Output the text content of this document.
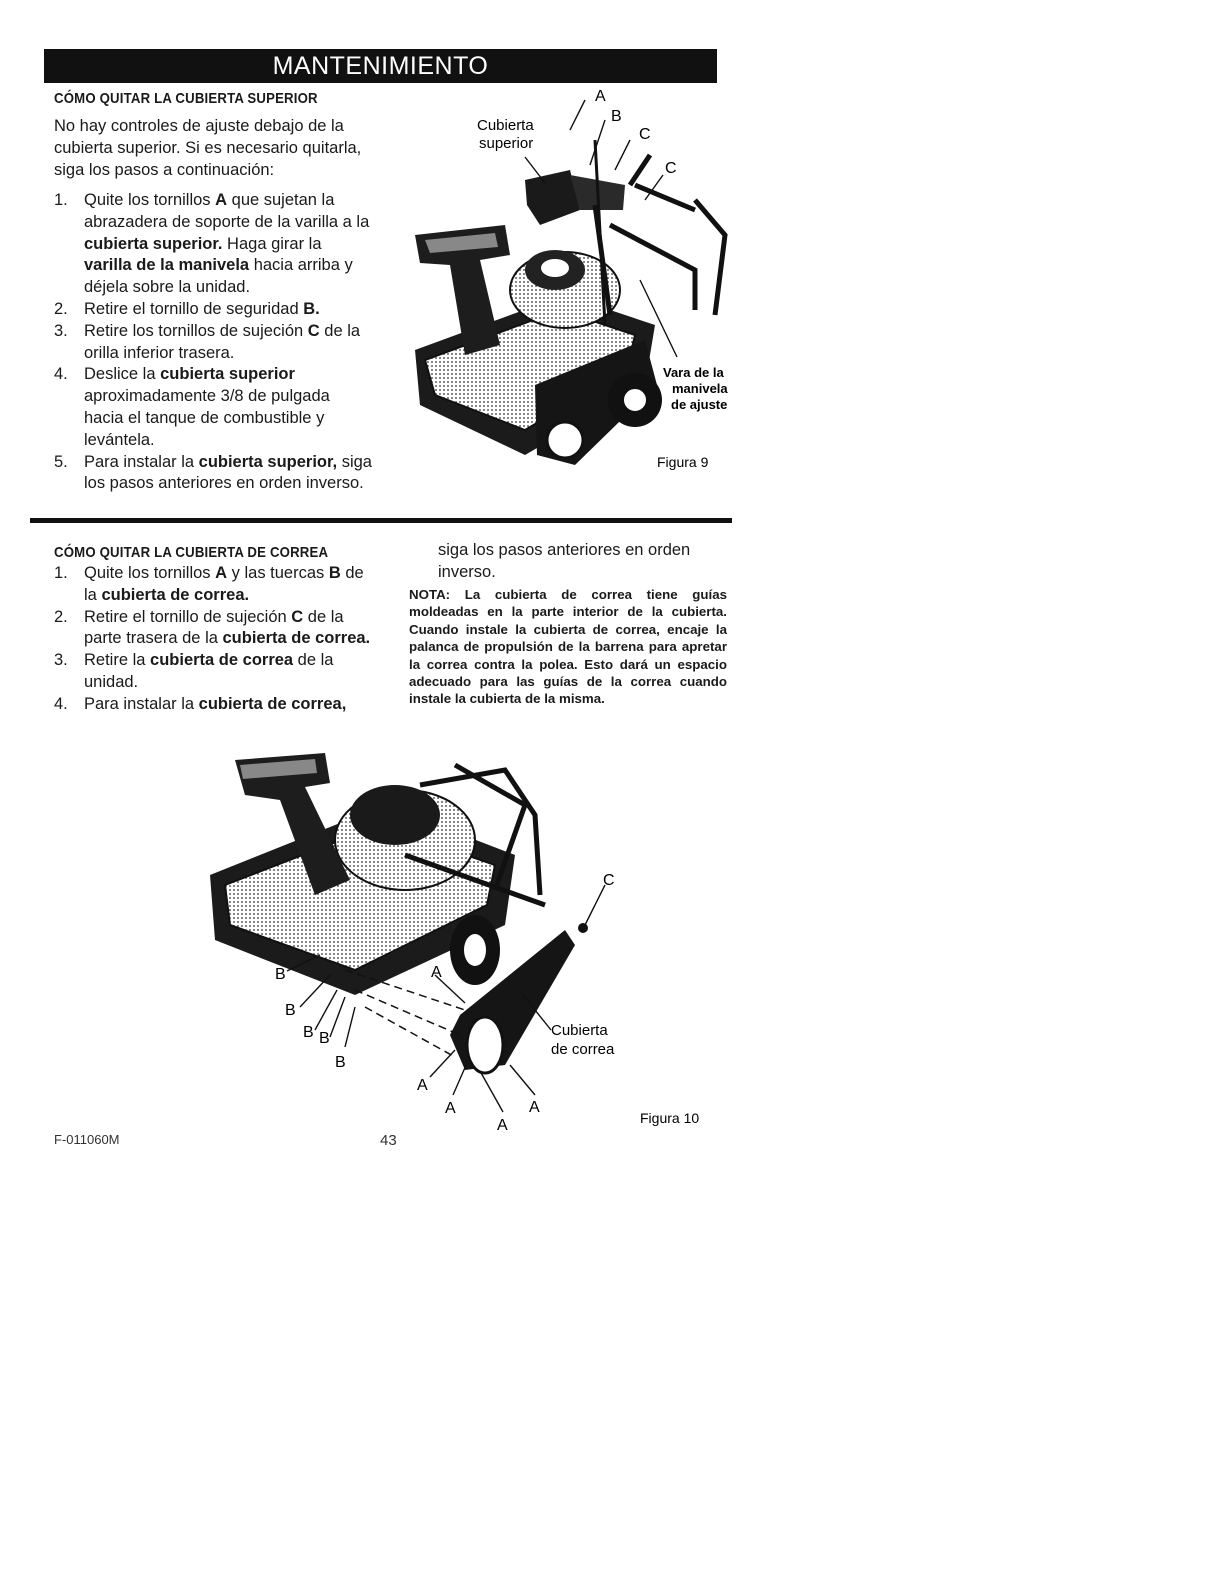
MANTENIMIENTO
CÓMO QUITAR LA CUBIERTA SUPERIOR

No hay controles de ajuste debajo de la cubierta superior. Si es necesario quitarla, siga los pasos a continuación:

1. Quite los tornillos A que sujetan la abrazadera de soporte de la varilla a la cubierta superior. Haga girar la varilla de la manivela hacia arriba y déjela sobre la unidad.
2. Retire el tornillo de seguridad B.
3. Retire los tornillos de sujeción C de la orilla inferior trasera.
4. Deslice la cubierta superior aproximadamente 3/8 de pulgada hacia el tanque de combustible y levántela.
5. Para instalar la cubierta superior, siga los pasos anteriores en orden inverso.
A
B
C
C
Cubierta
superior
Vara de la
manivela
de ajuste
Figura 9
CÓMO QUITAR LA CUBIERTA DE CORREA
1. Quite los tornillos A y las tuercas B de la cubierta de correa.
2. Retire el tornillo de sujeción C de la parte trasera de la cubierta de correa.
3. Retire la cubierta de correa de la unidad.
4. Para instalar la cubierta de correa,

siga los pasos anteriores en orden inverso.

NOTA: La cubierta de correa tiene guías moldeadas en la parte interior de la cubierta. Cuando instale la cubierta de correa, encaje la palanca de propulsión de la barrena para apretar la correa contra la polea. Esto dará un espacio adecuado para las guías de la correa cuando instale la cubierta de la misma.

C
B
B
B B
B
A
A
A
A
A
Cubierta
de correa
Figura 10
F-011060M	43
